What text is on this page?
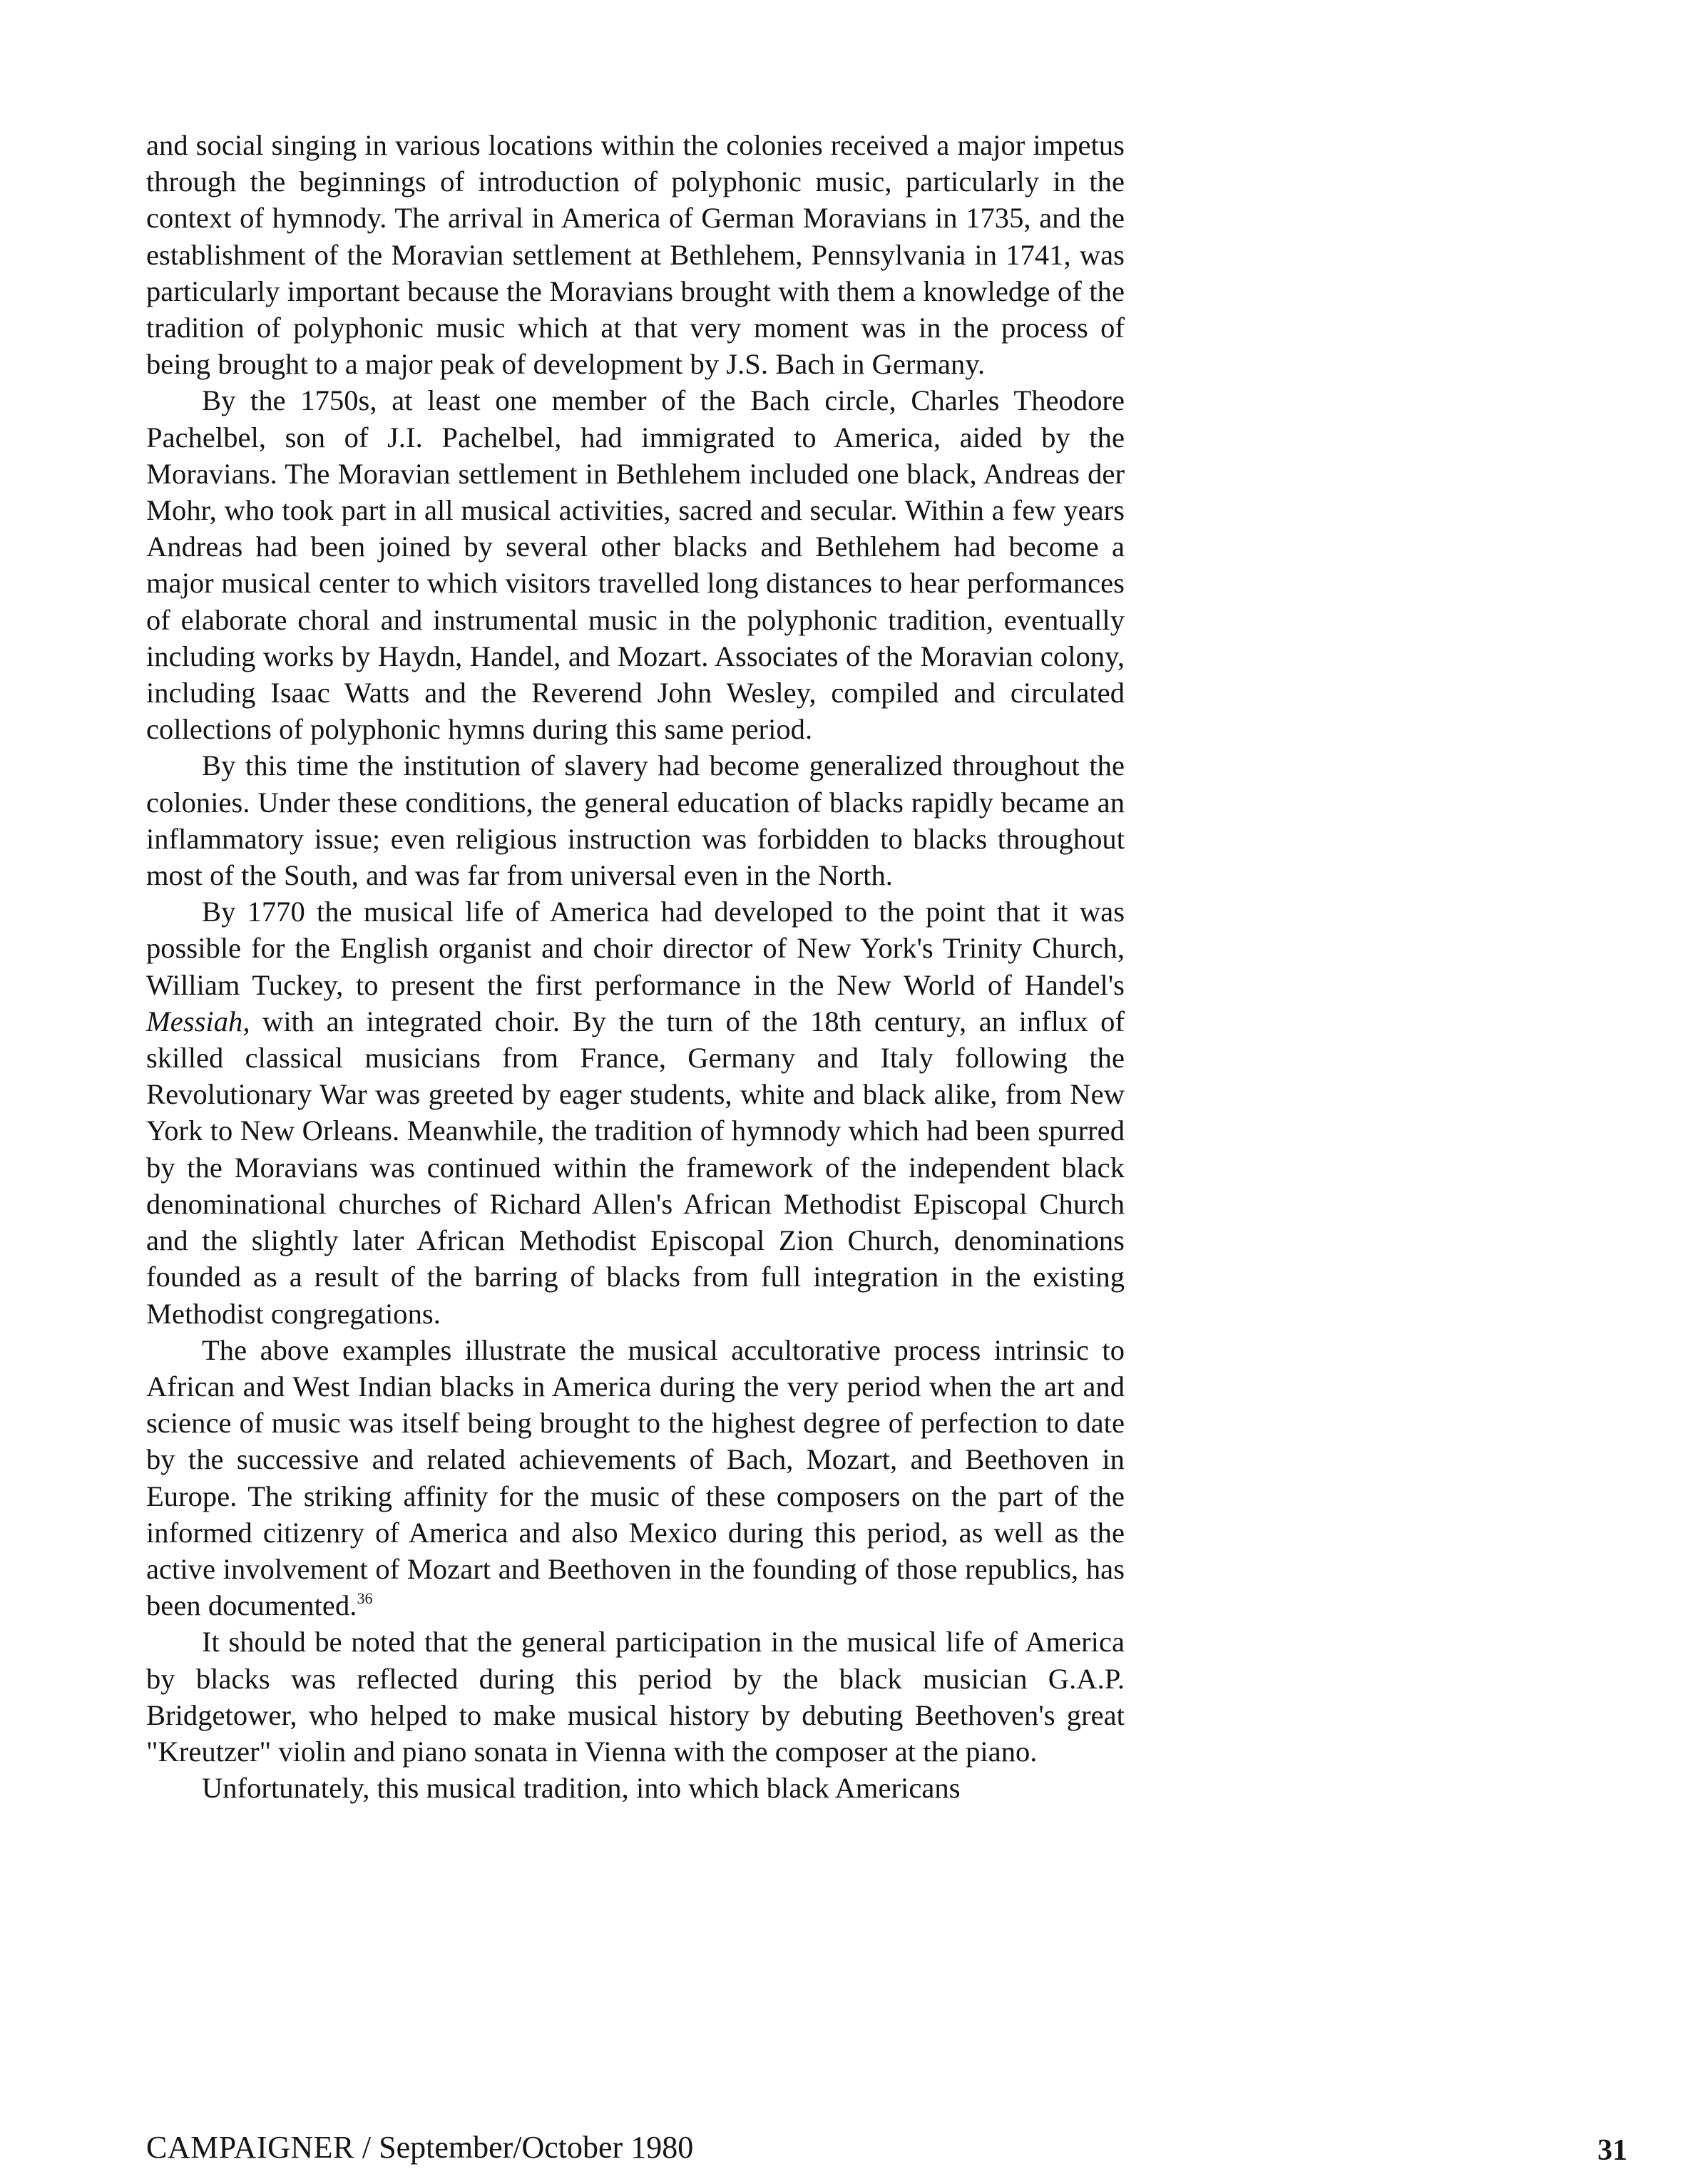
and social singing in various locations within the colonies received a major impetus through the beginnings of introduction of polyphonic music, particularly in the context of hymnody. The arrival in America of German Moravians in 1735, and the establishment of the Moravian settlement at Bethlehem, Pennsylvania in 1741, was particularly important because the Moravians brought with them a knowledge of the tradition of polyphonic music which at that very moment was in the process of being brought to a major peak of development by J.S. Bach in Germany.

By the 1750s, at least one member of the Bach circle, Charles Theodore Pachelbel, son of J.I. Pachelbel, had immigrated to America, aided by the Moravians. The Moravian settlement in Bethlehem included one black, Andreas der Mohr, who took part in all musical activities, sacred and secular. Within a few years Andreas had been joined by several other blacks and Bethlehem had become a major musical center to which visitors travelled long distances to hear performances of elaborate choral and instrumental music in the polyphonic tradition, eventually including works by Haydn, Handel, and Mozart. Associates of the Moravian colony, including Isaac Watts and the Reverend John Wesley, compiled and circulated collections of polyphonic hymns during this same period.

By this time the institution of slavery had become generalized throughout the colonies. Under these conditions, the general education of blacks rapidly became an inflammatory issue; even religious instruction was forbidden to blacks throughout most of the South, and was far from universal even in the North.

By 1770 the musical life of America had developed to the point that it was possible for the English organist and choir director of New York's Trinity Church, William Tuckey, to present the first performance in the New World of Handel's Messiah, with an integrated choir. By the turn of the 18th century, an influx of skilled classical musicians from France, Germany and Italy following the Revolutionary War was greeted by eager students, white and black alike, from New York to New Orleans. Meanwhile, the tradition of hymnody which had been spurred by the Moravians was continued within the framework of the independent black denominational churches of Richard Allen's African Methodist Episcopal Church and the slightly later African Methodist Episcopal Zion Church, denominations founded as a result of the barring of blacks from full integration in the existing Methodist congregations.

The above examples illustrate the musical accultorative process intrinsic to African and West Indian blacks in America during the very period when the art and science of music was itself being brought to the highest degree of perfection to date by the successive and related achievements of Bach, Mozart, and Beethoven in Europe. The striking affinity for the music of these composers on the part of the informed citizenry of America and also Mexico during this period, as well as the active involvement of Mozart and Beethoven in the founding of those republics, has been documented.$^{36}$

It should be noted that the general participation in the musical life of America by blacks was reflected during this period by the black musician G.A.P. Bridgetower, who helped to make musical history by debuting Beethoven's great "Kreutzer" violin and piano sonata in Vienna with the composer at the piano.

Unfortunately, this musical tradition, into which black Americans

CAMPAIGNER / September/October 1980	31
